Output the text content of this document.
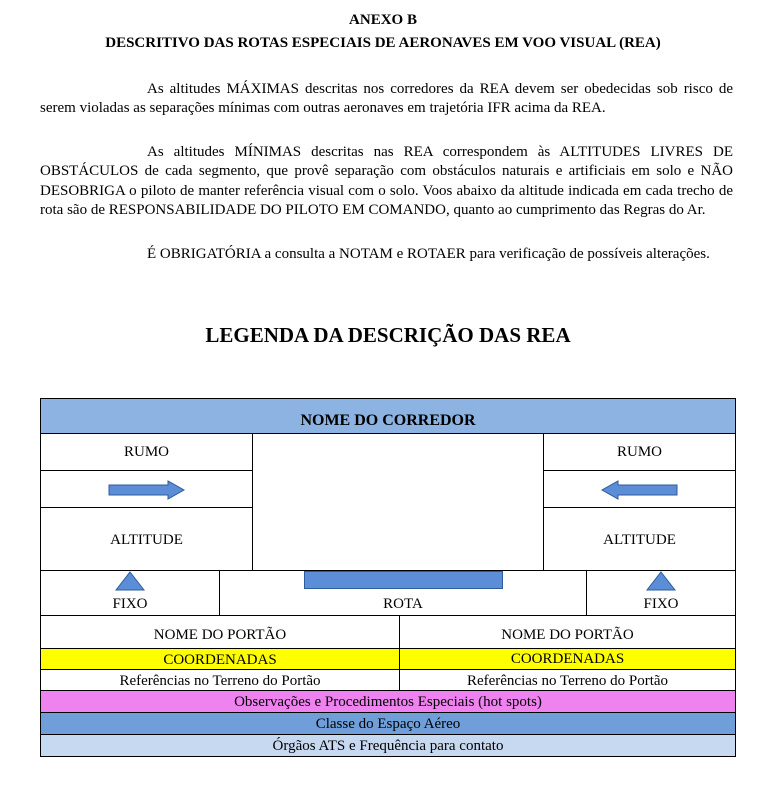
ANEXO B
DESCRITIVO DAS ROTAS ESPECIAIS DE AERONAVES EM VOO VISUAL (REA)
As altitudes MÁXIMAS descritas nos corredores da REA devem ser obedecidas sob risco de serem violadas as separações mínimas com outras aeronaves em trajetória IFR acima da REA.
As altitudes MÍNIMAS descritas nas REA correspondem às ALTITUDES LIVRES DE OBSTÁCULOS de cada segmento, que provê separação com obstáculos naturais e artificiais em solo e NÃO DESOBRIGA o piloto de manter referência visual com o solo. Voos abaixo da altitude indicada em cada trecho de rota são de RESPONSABILIDADE DO PILOTO EM COMANDO, quanto ao cumprimento das Regras do Ar.
É OBRIGATÓRIA a consulta a NOTAM e ROTAER para verificação de possíveis alterações.
LEGENDA DA DESCRIÇÃO DAS REA
NOME DO CORREDOR
RUMO	RUMO
ALTITUDE	ALTITUDE
FIXO	ROTA	FIXO
NOME DO PORTÃO	NOME DO PORTÃO
COORDENADAS	COORDENADAS
Referências no Terreno do Portão	Referências no Terreno do Portão
Observações e Procedimentos Especiais (hot spots)
Classe do Espaço Aéreo
Órgãos ATS e Frequência para contato
